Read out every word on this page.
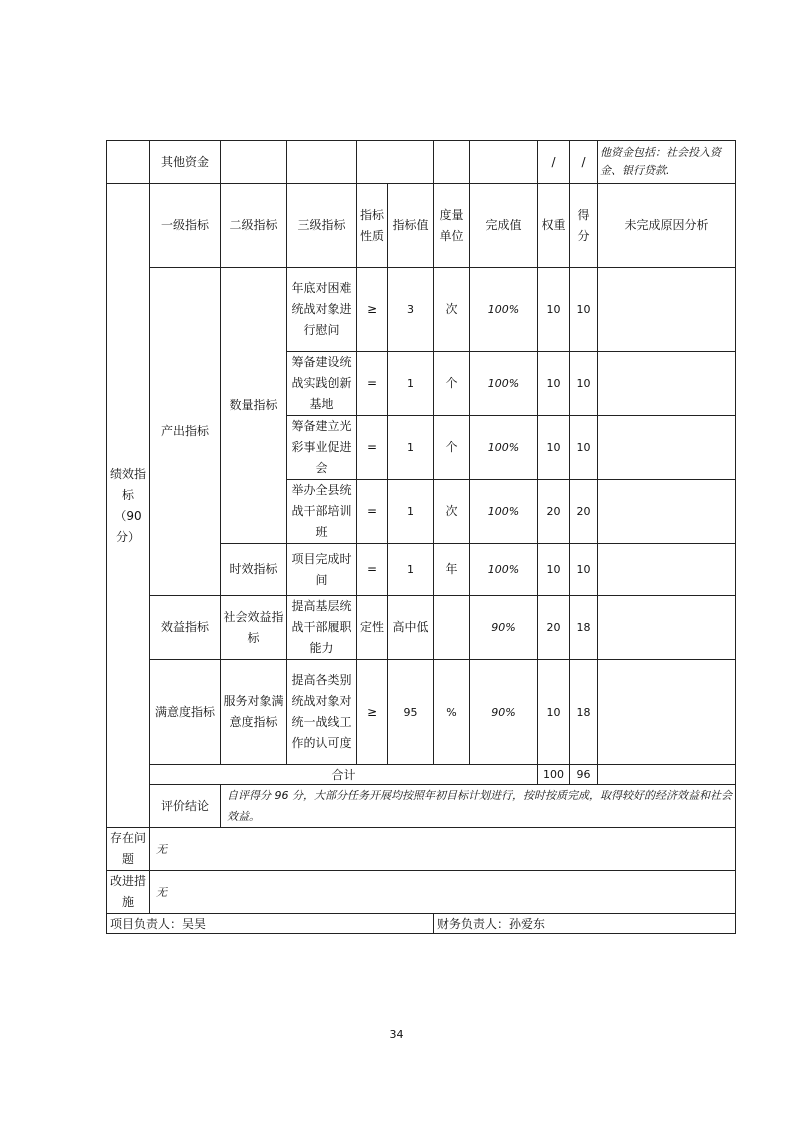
	其他资金							/	/	他资金包括：社会投入资金、银行贷款.
绩效指标（90分）	一级指标	二级指标	三级指标	指标性质	指标值	度量单位	完成值	权重	得分	未完成原因分析
	产出指标	数量指标	年底对困难统战对象进行慰问	≥	3	次	100%	10	10	
			筹备建设统战实践创新基地	=	1	个	100%	10	10	
			筹备建立光彩事业促进会	=	1	个	100%	10	10	
			举办全县统战干部培训班	=	1	次	100%	20	20	
		时效指标	项目完成时间	=	1	年	100%	10	10	
	效益指标	社会效益指标	提高基层统战干部履职能力	定性	高中低		90%	20	18	
	满意度指标	服务对象满意度指标	提高各类别统战对象对统一战线工作的认可度	≥	95	%	90%	10	18	
	合计							100	96	
	评价结论	自评得分 96 分，大部分任务开展均按照年初目标计划进行，按时按质完成，取得较好的经济效益和社会效益。								
存在问题	无									
改进措施	无									
项目负责人：吴昊						财务负责人：孙爱东				
34
